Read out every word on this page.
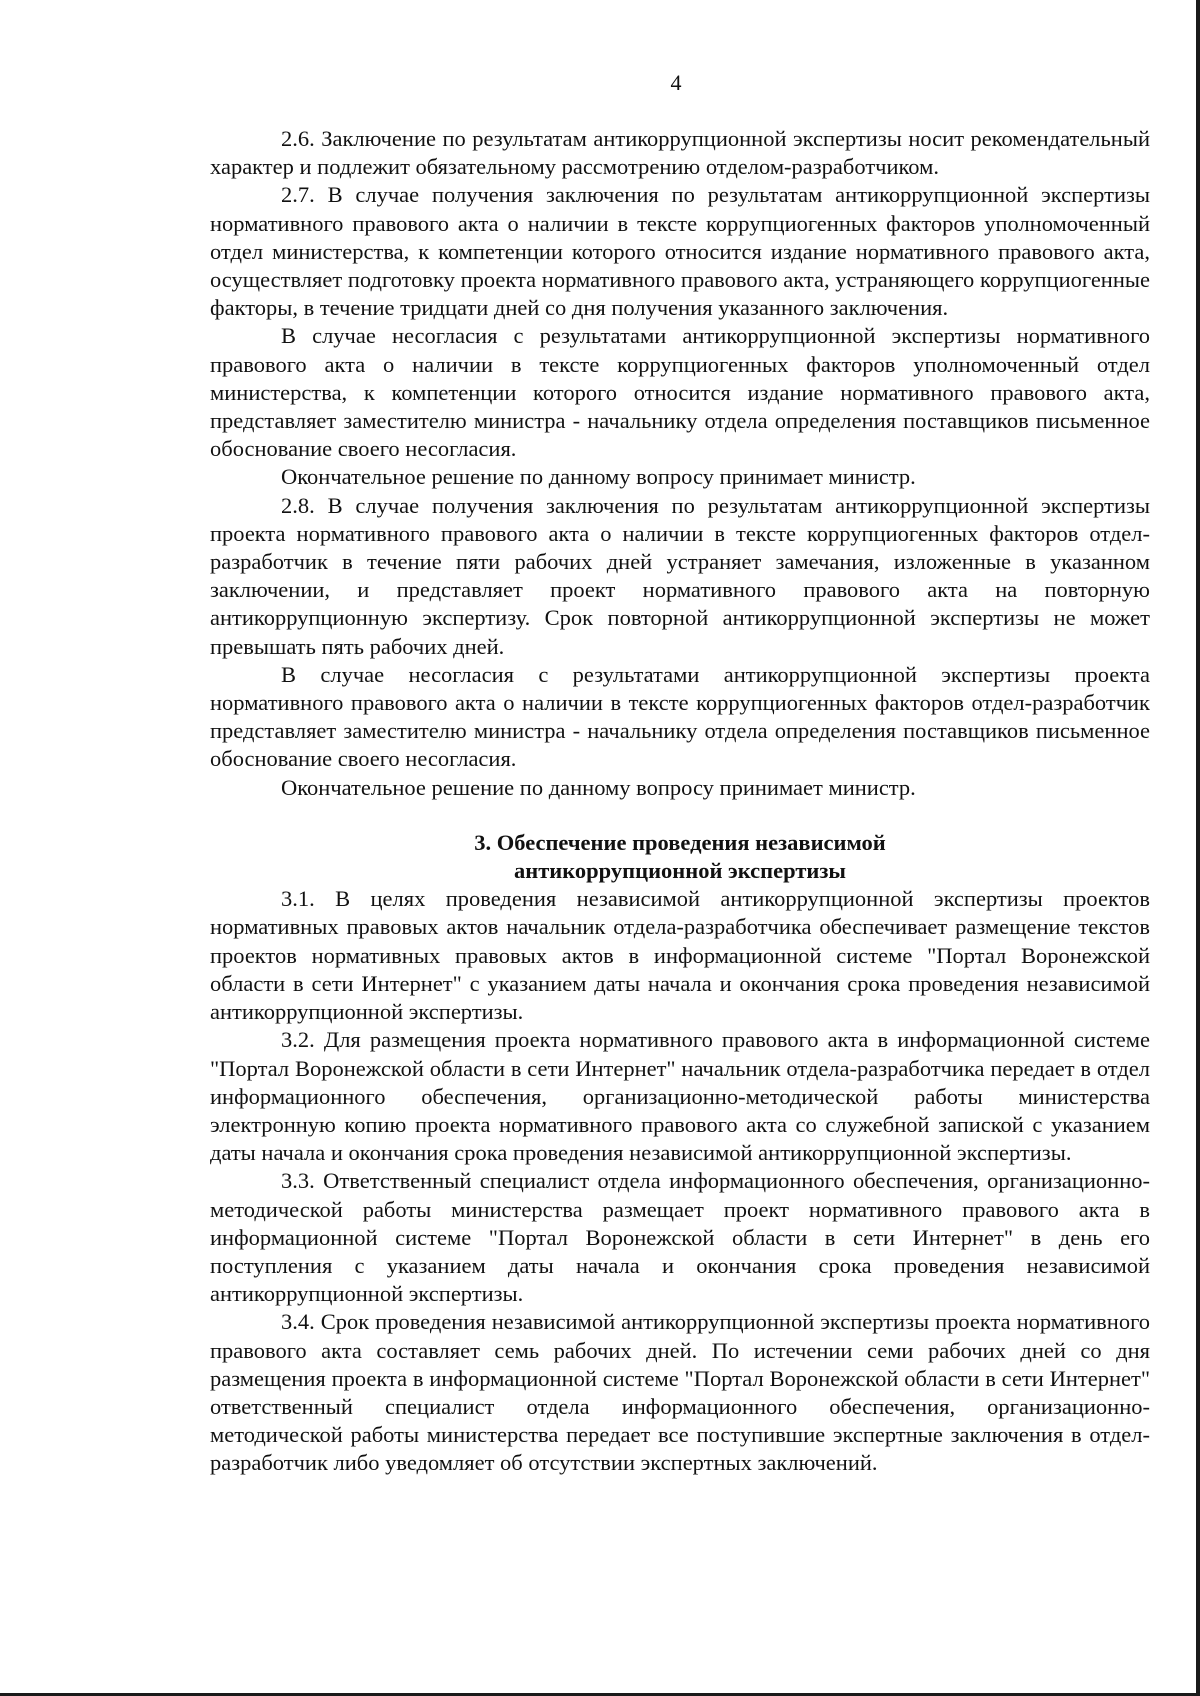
4

2.6. Заключение по результатам антикоррупционной экспертизы носит рекомендательный характер и подлежит обязательному рассмотрению отделом-разработчиком.

2.7. В случае получения заключения по результатам антикоррупционной экспертизы нормативного правового акта о наличии в тексте коррупциогенных факторов уполномоченный отдел министерства, к компетенции которого относится издание нормативного правового акта, осуществляет подготовку проекта нормативного правового акта, устраняющего коррупциогенные факторы, в течение тридцати дней со дня получения указанного заключения.

В случае несогласия с результатами антикоррупционной экспертизы нормативного правового акта о наличии в тексте коррупциогенных факторов уполномоченный отдел министерства, к компетенции которого относится издание нормативного правового акта, представляет заместителю министра - начальнику отдела определения поставщиков письменное обоснование своего несогласия.

Окончательное решение по данному вопросу принимает министр.

2.8. В случае получения заключения по результатам антикоррупционной экспертизы проекта нормативного правового акта о наличии в тексте коррупциогенных факторов отдел-разработчик в течение пяти рабочих дней устраняет замечания, изложенные в указанном заключении, и представляет проект нормативного правового акта на повторную антикоррупционную экспертизу. Срок повторной антикоррупционной экспертизы не может превышать пять рабочих дней.

В случае несогласия с результатами антикоррупционной экспертизы проекта нормативного правового акта о наличии в тексте коррупциогенных факторов отдел-разработчик представляет заместителю министра - начальнику отдела определения поставщиков письменное обоснование своего несогласия.

Окончательное решение по данному вопросу принимает министр.

3. Обеспечение проведения независимой
антикоррупционной экспертизы

3.1. В целях проведения независимой антикоррупционной экспертизы проектов нормативных правовых актов начальник отдела-разработчика обеспечивает размещение текстов проектов нормативных правовых актов в информационной системе "Портал Воронежской области в сети Интернет" с указанием даты начала и окончания срока проведения независимой антикоррупционной экспертизы.

3.2. Для размещения проекта нормативного правового акта в информационной системе "Портал Воронежской области в сети Интернет" начальник отдела-разработчика передает в отдел информационного обеспечения, организационно-методической работы министерства электронную копию проекта нормативного правового акта со служебной запиской с указанием даты начала и окончания срока проведения независимой антикоррупционной экспертизы.

3.3. Ответственный специалист отдела информационного обеспечения, организационно-методической работы министерства размещает проект нормативного правового акта в информационной системе "Портал Воронежской области в сети Интернет" в день его поступления с указанием даты начала и окончания срока проведения независимой антикоррупционной экспертизы.

3.4. Срок проведения независимой антикоррупционной экспертизы проекта нормативного правового акта составляет семь рабочих дней. По истечении семи рабочих дней со дня размещения проекта в информационной системе "Портал Воронежской области в сети Интернет" ответственный специалист отдела информационного обеспечения, организационно-методической работы министерства передает все поступившие экспертные заключения в отдел-разработчик либо уведомляет об отсутствии экспертных заключений.
